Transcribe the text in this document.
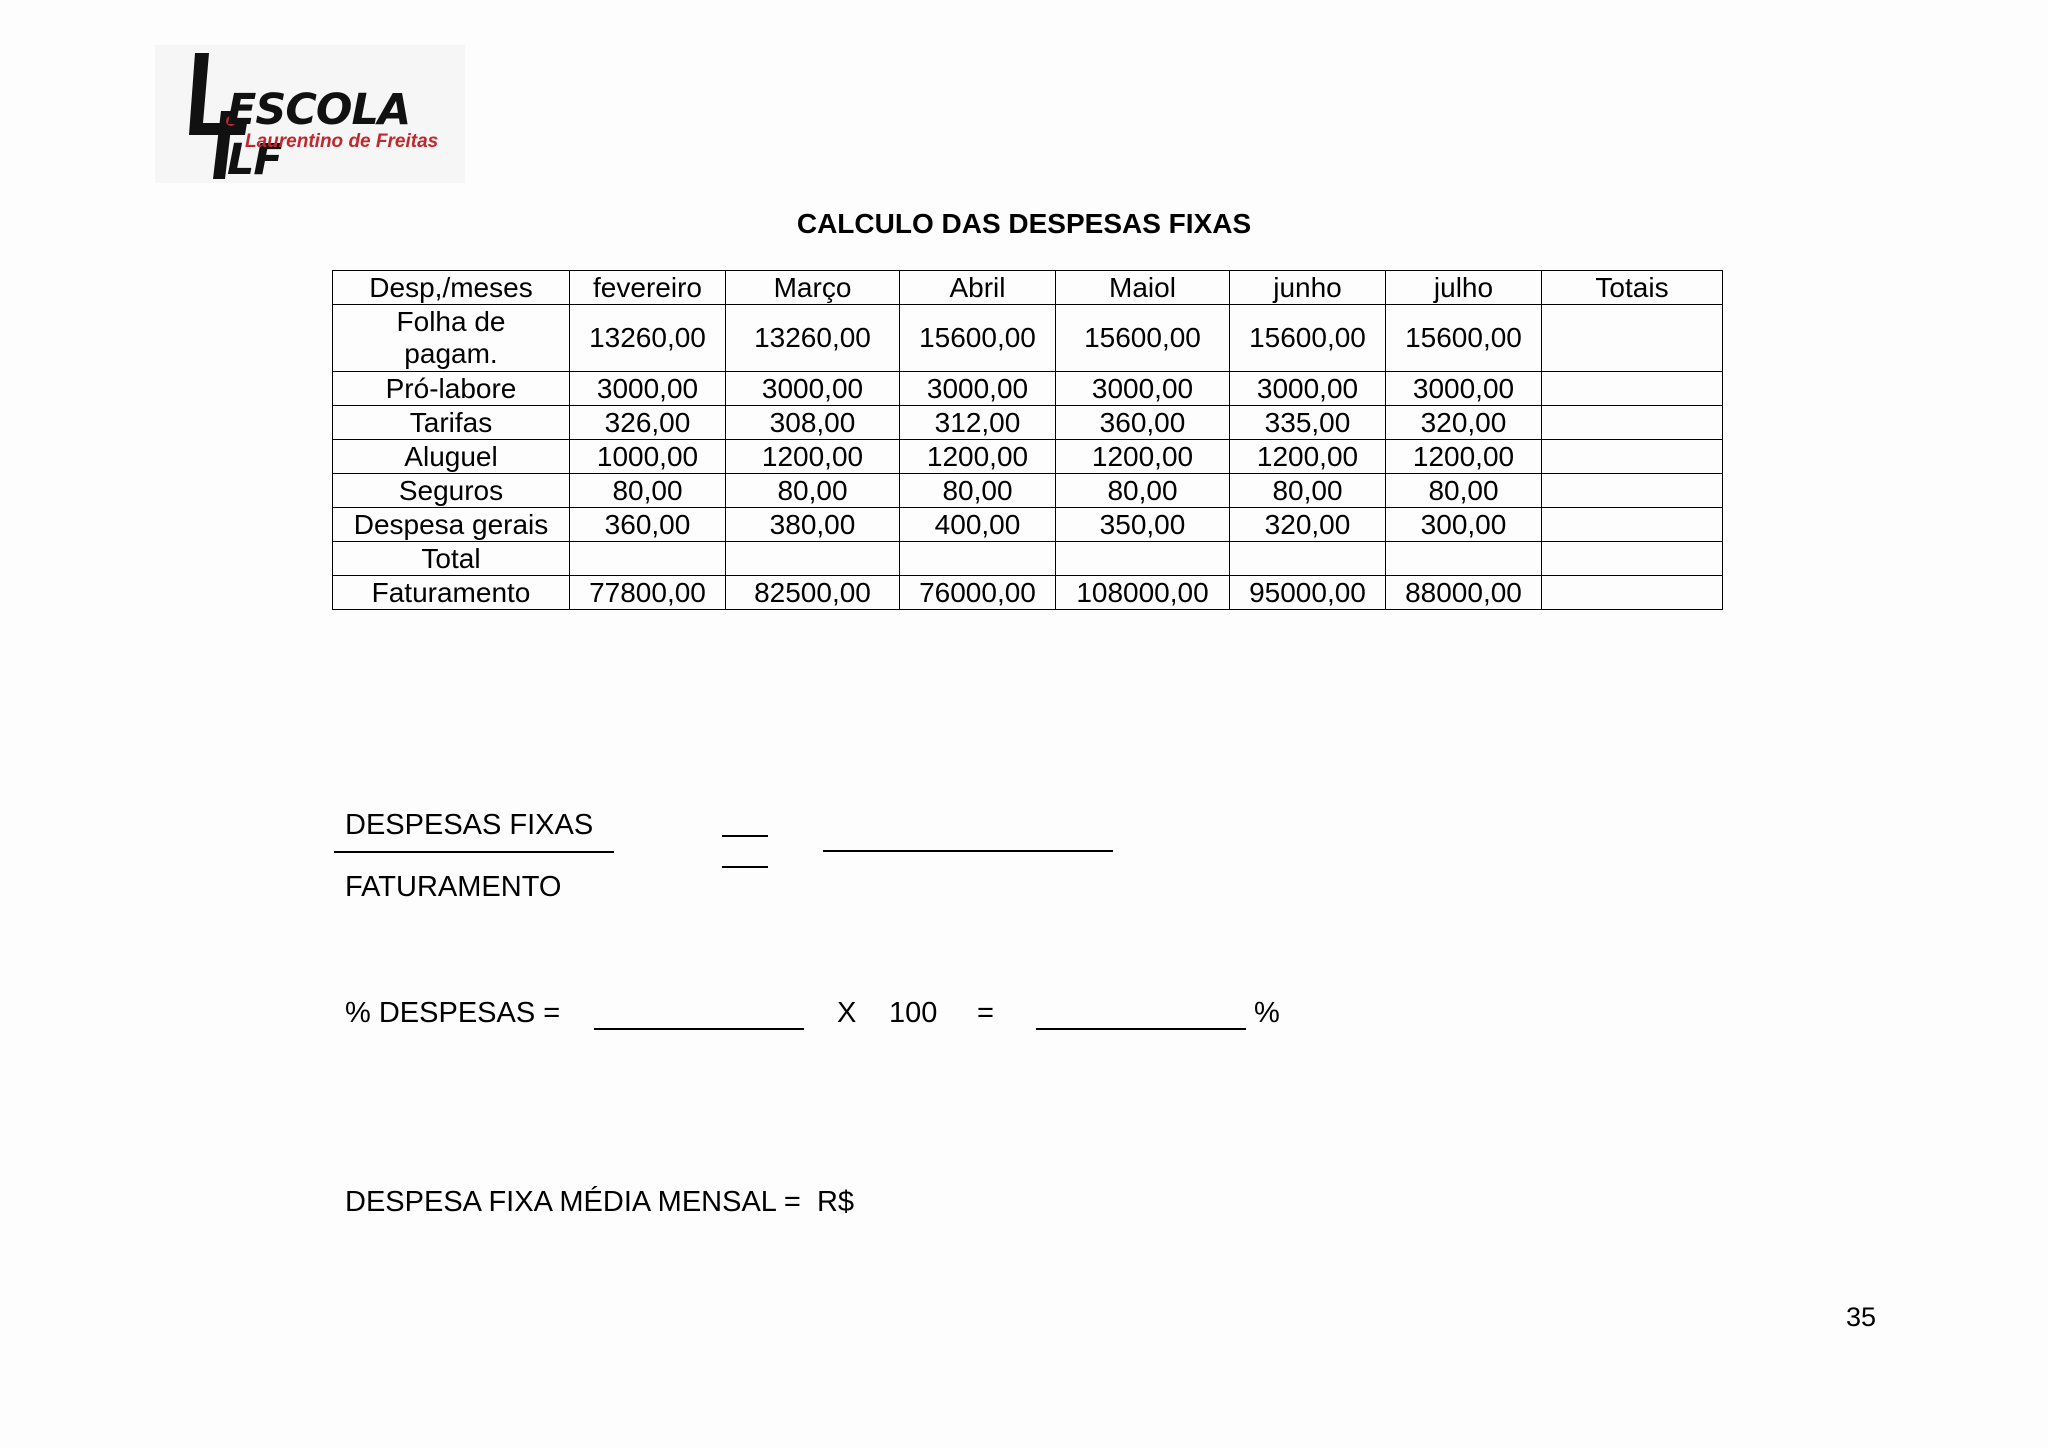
ESCOLA LF
Laurentino de Freitas
CALCULO DAS DESPESAS FIXAS
Desp,/meses	fevereiro	Março	Abril	Maiol	junho	julho	Totais

Folha de pagam.	13260,00	13260,00	15600,00	15600,00	15600,00	15600,00	
Pró-labore	3000,00	3000,00	3000,00	3000,00	3000,00	3000,00	
Tarifas	326,00	308,00	312,00	360,00	335,00	320,00	
Aluguel	1000,00	1200,00	1200,00	1200,00	1200,00	1200,00	
Seguros	80,00	80,00	80,00	80,00	80,00	80,00	
Despesa gerais	360,00	380,00	400,00	350,00	320,00	300,00	
Total							
Faturamento	77800,00	82500,00	76000,00	108000,00	95000,00	88000,00	
DESPESAS FIXAS
FATURAMENTO
% DESPESAS =	X 100 =	%
DESPESA FIXA MÉDIA MENSAL = R$
35
